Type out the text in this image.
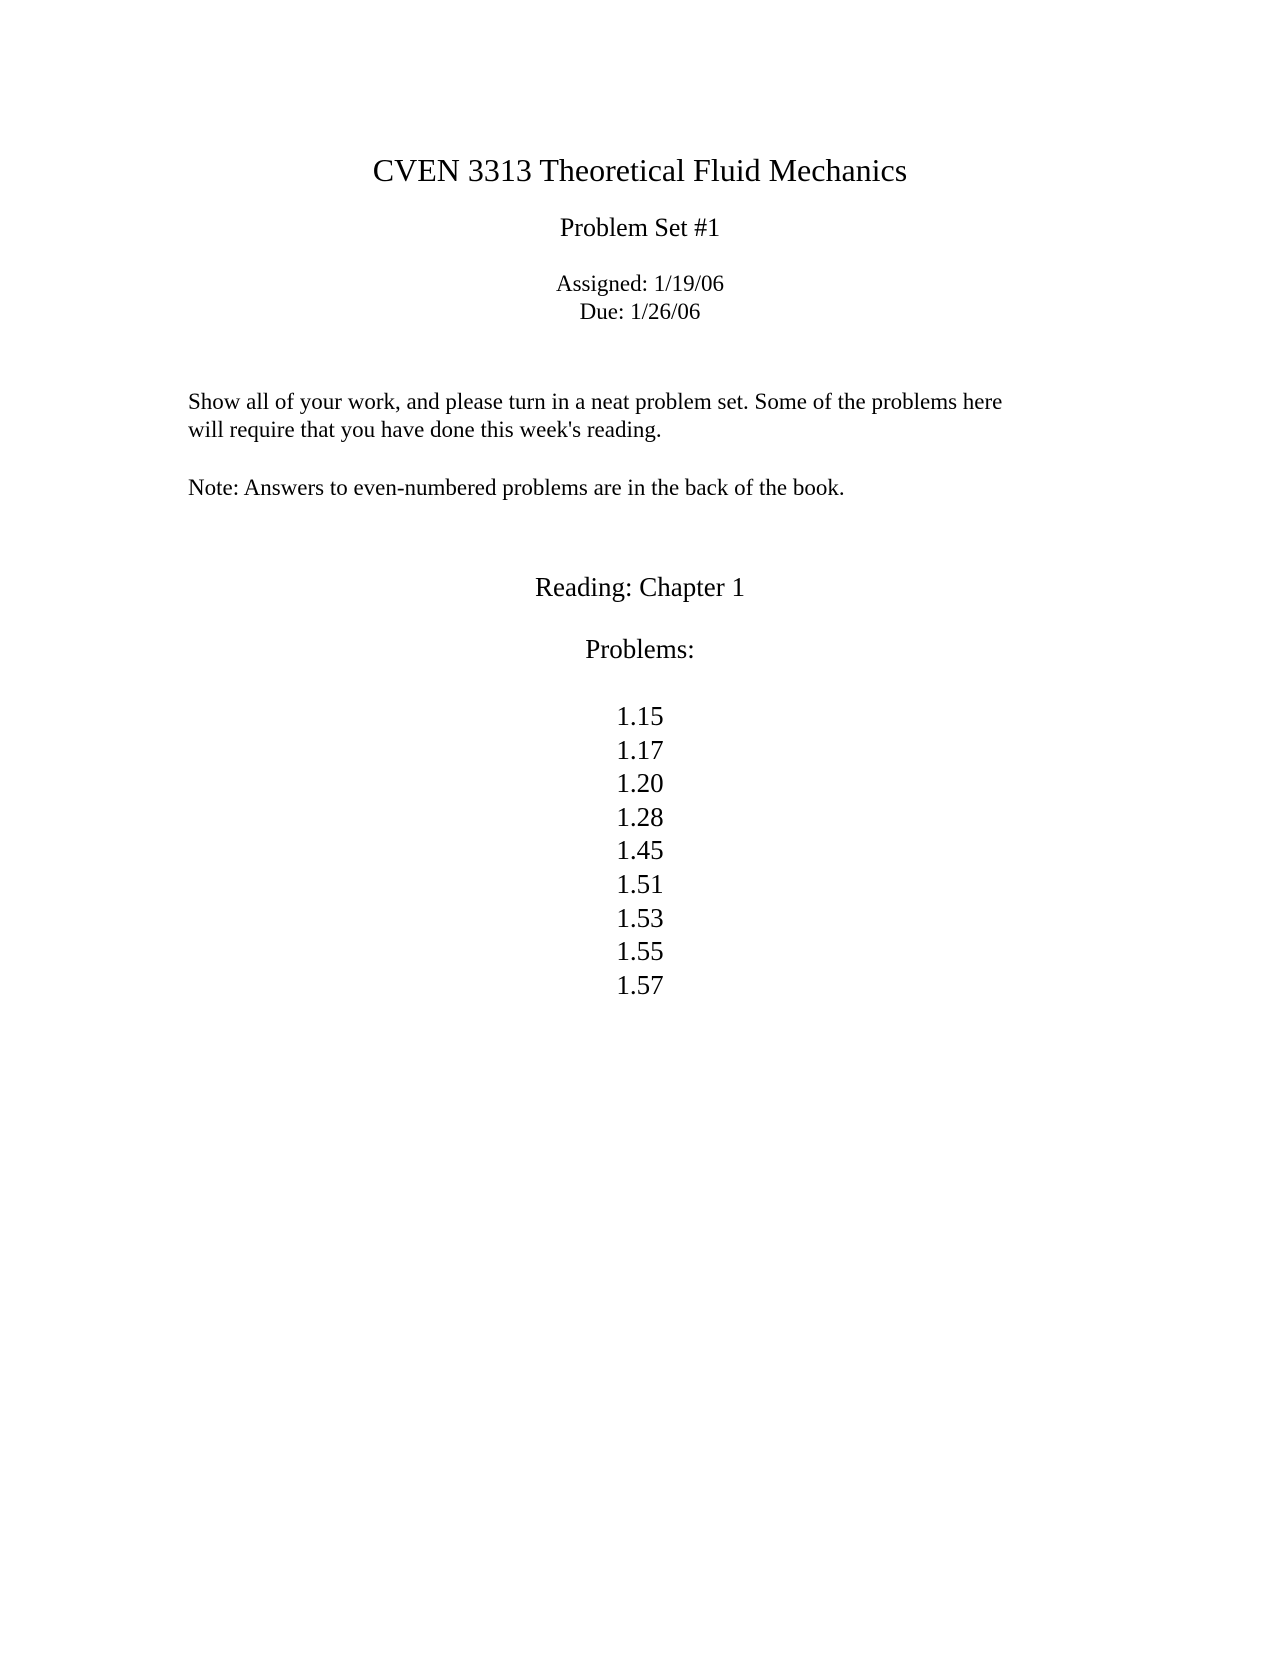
CVEN 3313 Theoretical Fluid Mechanics
Problem Set #1
Assigned: 1/19/06
Due: 1/26/06
Show all of your work, and please turn in a neat problem set. Some of the problems here
will require that you have done this week's reading.
Note: Answers to even-numbered problems are in the back of the book.
Reading: Chapter 1
Problems:
1.15
1.17
1.20
1.28
1.45
1.51
1.53
1.55
1.57
